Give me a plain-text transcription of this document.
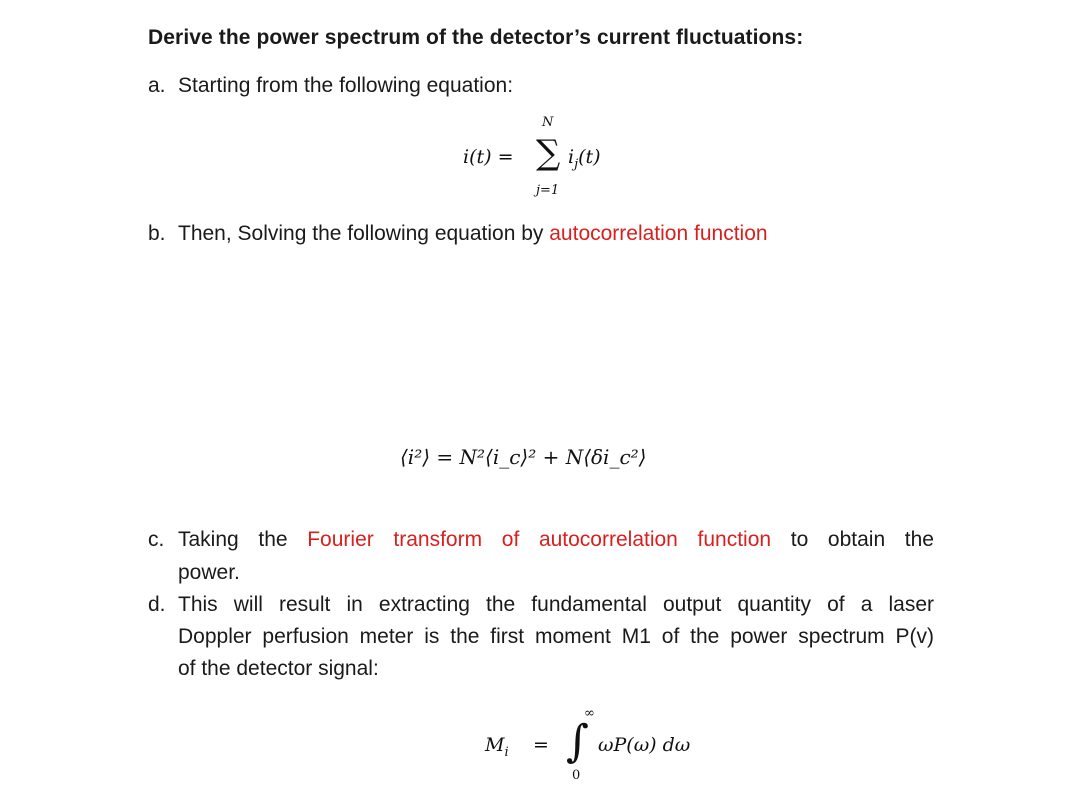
Derive the power spectrum of the detector’s current fluctuations:
a. Starting from the following equation:
i(t) =
N
∑
j=1
$i_j(t)$
b. Then, Solving the following equation by autocorrelation function
⟨i²⟩ = N²⟨i_c⟩² + N⟨δi_c²⟩
c. Taking the Fourier transform of autocorrelation function to obtain the
power.
d. This will result in extracting the fundamental output quantity of a laser
Doppler perfusion meter is the first moment M1 of the power spectrum P(v)
of the detector signal:
$M_i$ = ∫
∞
0
ωP(ω) dω
